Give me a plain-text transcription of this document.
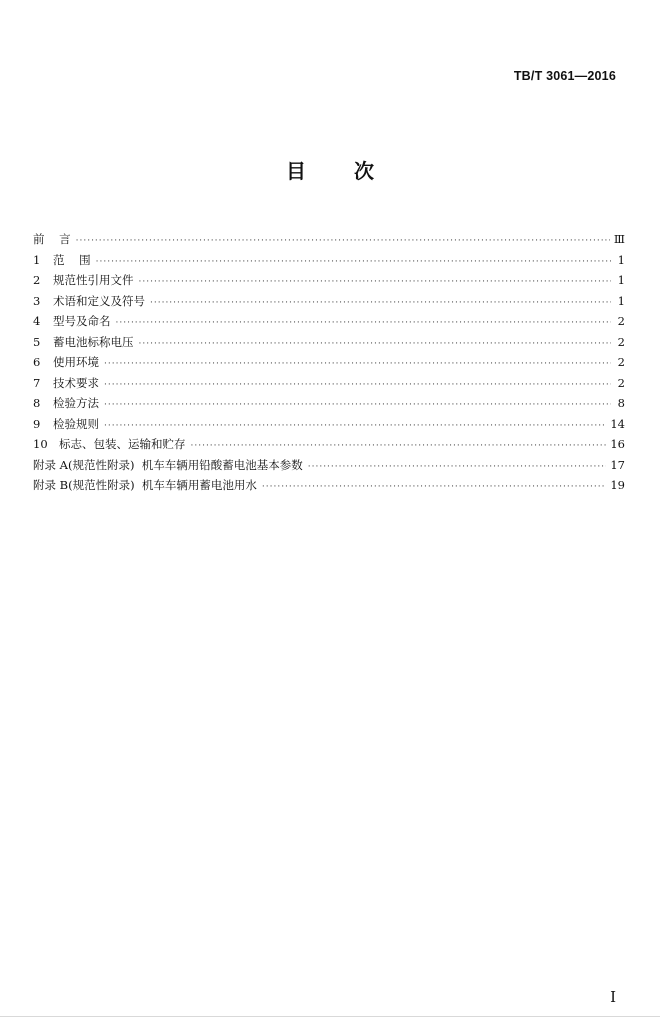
TB/T 3061—2016
目 次
前    言 ·····	Ⅲ
1	范    围 ·····	1
2	规范性引用文件 ·····	1
3	术语和定义及符号 ·····	1
4	型号及命名 ·····	2
5	蓄电池标称电压 ·····	2
6	使用环境 ·····	2
7	技术要求 ·····	2
8	检验方法 ·····	8
9	检验规则 ·····	14
10 标志、包装、运输和贮存 ·····	16
附录 A(规范性附录)  机车车辆用铅酸蓄电池基本参数 ·····	17
附录 B(规范性附录)  机车车辆用蓄电池用水 ·····	19
I
